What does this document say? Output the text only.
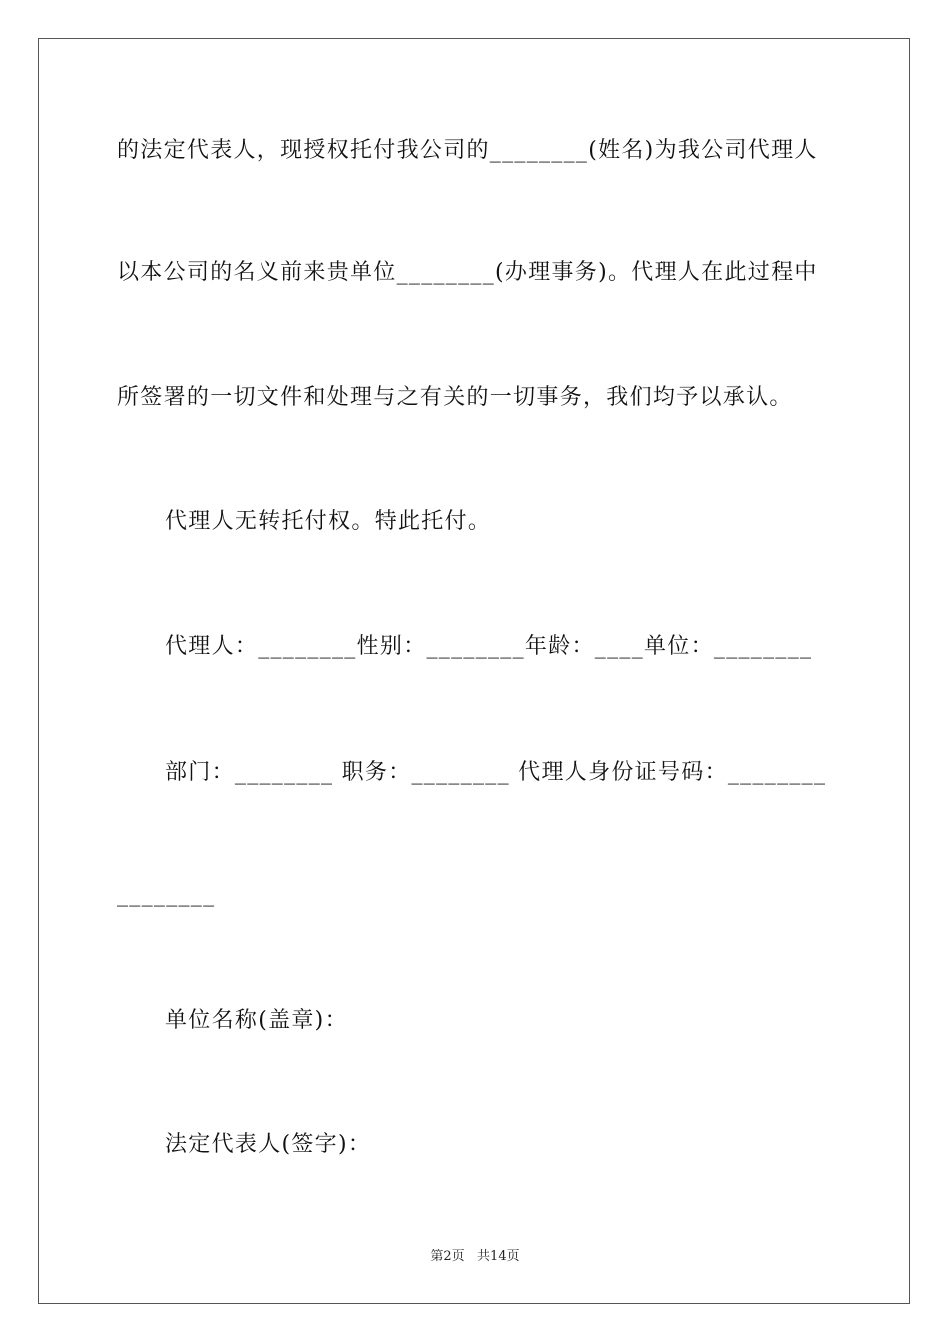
的法定代表人，现授权托付我公司的________(姓名)为我公司代理人
以本公司的名义前来贵单位________(办理事务)。代理人在此过程中
所签署的一切文件和处理与之有关的一切事务，我们均予以承认。
代理人无转托付权。特此托付。
代理人：________性别：________年龄：____单位：________
部门：________ 职务：________ 代理人身份证号码：________
________
单位名称(盖章)：
法定代表人(签字)：
第2页   共14页
